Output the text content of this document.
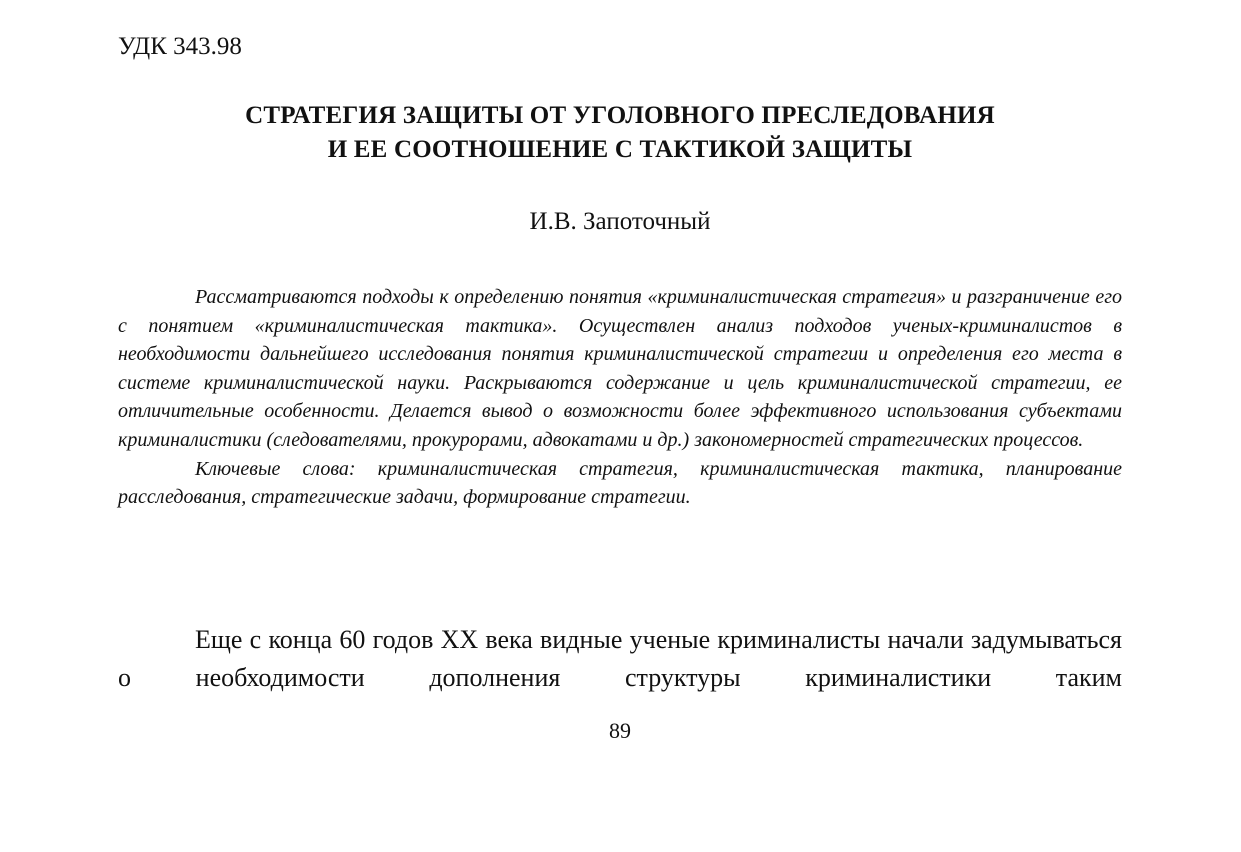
УДК 343.98

СТРАТЕГИЯ ЗАЩИТЫ ОТ УГОЛОВНОГО ПРЕСЛЕДОВАНИЯ
И ЕЕ СООТНОШЕНИЕ С ТАКТИКОЙ ЗАЩИТЫ

И.В. Запоточный

Рассматриваются подходы к определению понятия «криминалистическая стратегия» и разграничение его с понятием «криминалистическая тактика». Осуществлен анализ подходов ученых-криминалистов в необходимости дальнейшего исследования понятия криминалистической стратегии и определения его места в системе криминалистической науки. Раскрываются содержание и цель криминалистической стратегии, ее отличительные особенности. Делается вывод о возможности более эффективного использования субъектами криминалистики (следователями, прокурорами, адвокатами и др.) закономерностей стратегических процессов.

Ключевые слова: криминалистическая стратегия, криминалистическая тактика, планирование расследования, стратегические задачи, формирование стратегии.

Еще с конца 60 годов XX века видные ученые криминалисты начали задумываться о необходимости дополнения структуры криминалистики таким

89
